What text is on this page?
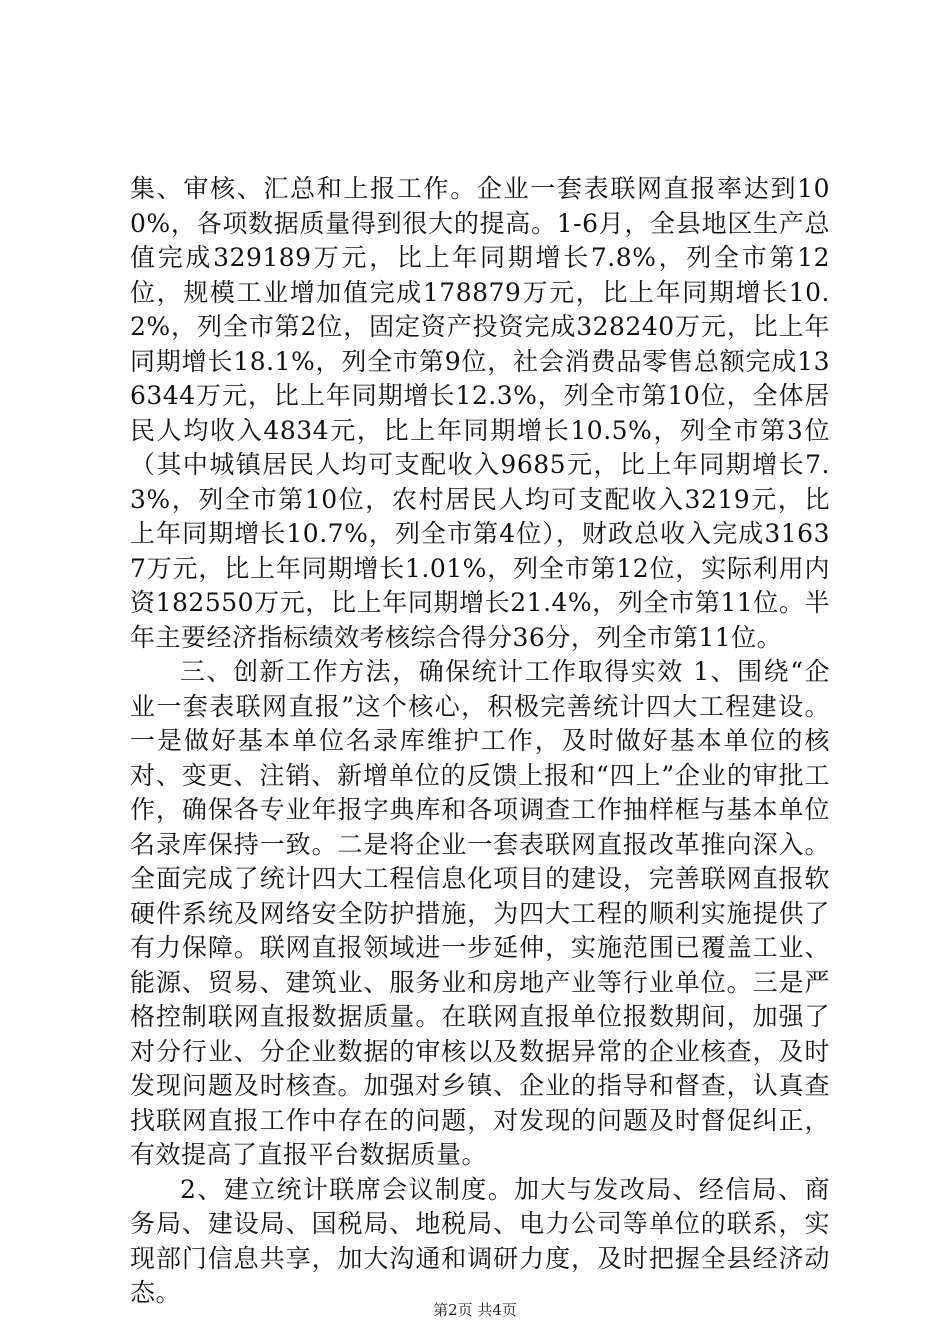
集、审核、汇总和上报工作。企业一套表联网直报率达到100%，各项数据质量得到很大的提高。1-6月，全县地区生产总值完成329189万元，比上年同期增长7.8%，列全市第12位，规模工业增加值完成178879万元，比上年同期增长10.2%，列全市第2位，固定资产投资完成328240万元，比上年同期增长18.1%，列全市第9位，社会消费品零售总额完成136344万元，比上年同期增长12.3%，列全市第10位，全体居民人均收入4834元，比上年同期增长10.5%，列全市第3位（其中城镇居民人均可支配收入9685元，比上年同期增长7.3%，列全市第10位，农村居民人均可支配收入3219元，比上年同期增长10.7%，列全市第4位），财政总收入完成31637万元，比上年同期增长1.01%，列全市第12位，实际利用内资182550万元，比上年同期增长21.4%，列全市第11位。半年主要经济指标绩效考核综合得分36分，列全市第11位。

三、创新工作方法，确保统计工作取得实效 1、围绕“企业一套表联网直报”这个核心，积极完善统计四大工程建设。一是做好基本单位名录库维护工作，及时做好基本单位的核对、变更、注销、新增单位的反馈上报和“四上”企业的审批工作，确保各专业年报字典库和各项调查工作抽样框与基本单位名录库保持一致。二是将企业一套表联网直报改革推向深入。全面完成了统计四大工程信息化项目的建设，完善联网直报软硬件系统及网络安全防护措施，为四大工程的顺利实施提供了有力保障。联网直报领域进一步延伸，实施范围已覆盖工业、能源、贸易、建筑业、服务业和房地产业等行业单位。三是严格控制联网直报数据质量。在联网直报单位报数期间，加强了对分行业、分企业数据的审核以及数据异常的企业核查，及时发现问题及时核查。加强对乡镇、企业的指导和督查，认真查找联网直报工作中存在的问题，对发现的问题及时督促纠正，有效提高了直报平台数据质量。

2、建立统计联席会议制度。加大与发改局、经信局、商务局、建设局、国税局、地税局、电力公司等单位的联系，实现部门信息共享，加大沟通和调研力度，及时把握全县经济动态。

第2页 共4页
